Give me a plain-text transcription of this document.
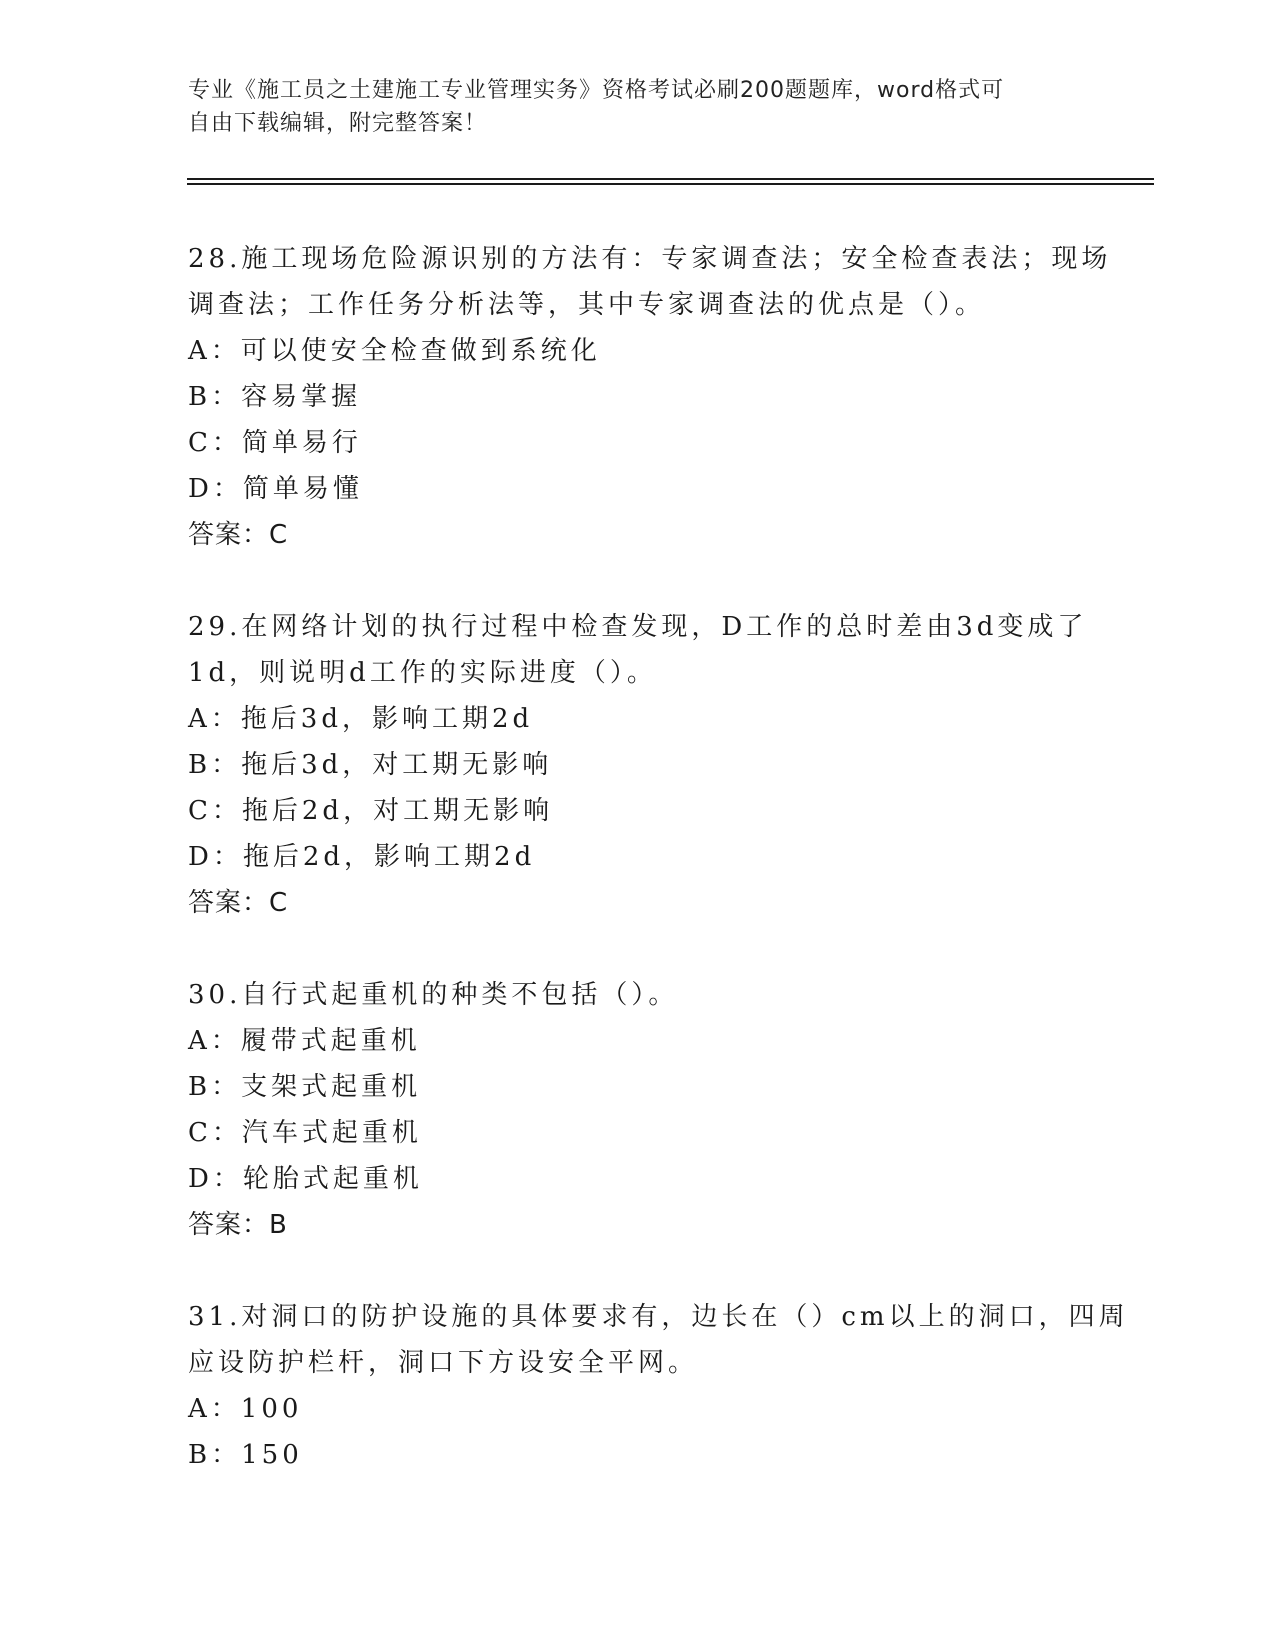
专业《施工员之土建施工专业管理实务》资格考试必刷200题题库，word格式可
自由下载编辑，附完整答案！
28.施工现场危险源识别的方法有：专家调查法；安全检查表法；现场
调查法；工作任务分析法等，其中专家调查法的优点是（）。
A：可以使安全检查做到系统化
B：容易掌握
C：简单易行
D：简单易懂
答案：C
29.在网络计划的执行过程中检查发现，D工作的总时差由3d变成了
1d，则说明d工作的实际进度（）。
A：拖后3d，影响工期2d
B：拖后3d，对工期无影响
C：拖后2d，对工期无影响
D：拖后2d，影响工期2d
答案：C
30.自行式起重机的种类不包括（）。
A：履带式起重机
B：支架式起重机
C：汽车式起重机
D：轮胎式起重机
答案：B
31.对洞口的防护设施的具体要求有，边长在（）cm以上的洞口，四周
应设防护栏杆，洞口下方设安全平网。
A：100
B：150
